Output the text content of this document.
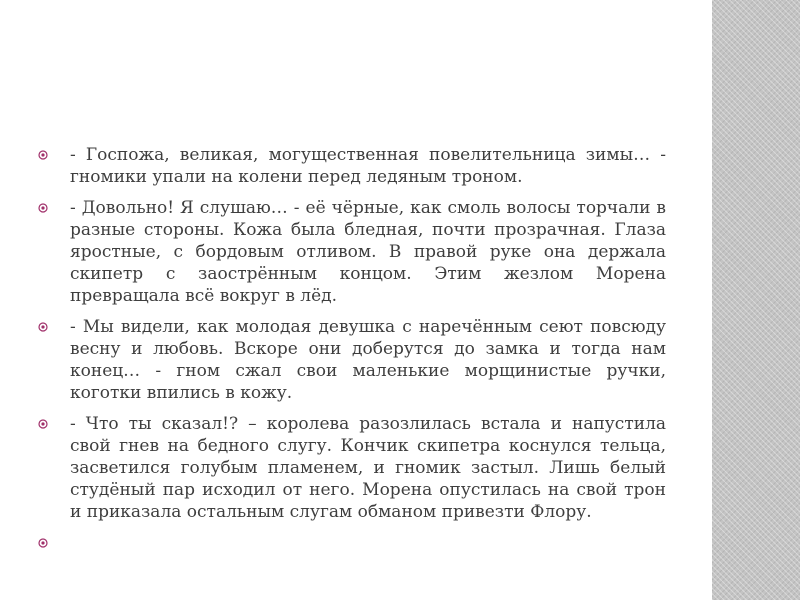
- Госпожа, великая, могущественная повелительница зимы… - гномики упали на колени перед ледяным троном.
- Довольно! Я слушаю… - её чёрные, как смоль волосы торчали в разные стороны. Кожа была бледная, почти прозрачная. Глаза яростные, с бордовым отливом. В правой руке она держала скипетр с заострённым концом. Этим жезлом Морена превращала всё вокруг в лёд.
- Мы видели, как молодая девушка с наречённым сеют повсюду весну и любовь. Вскоре они доберутся до замка и тогда нам конец… - гном сжал свои маленькие морщинистые ручки, коготки впились в кожу.
- Что ты сказал!? – королева разозлилась встала и напустила свой гнев на бедного слугу. Кончик скипетра коснулся тельца, засветился голубым пламенем, и гномик застыл. Лишь белый студёный пар исходил от него. Морена опустилась на свой трон и приказала остальным слугам обманом привезти Флору.
